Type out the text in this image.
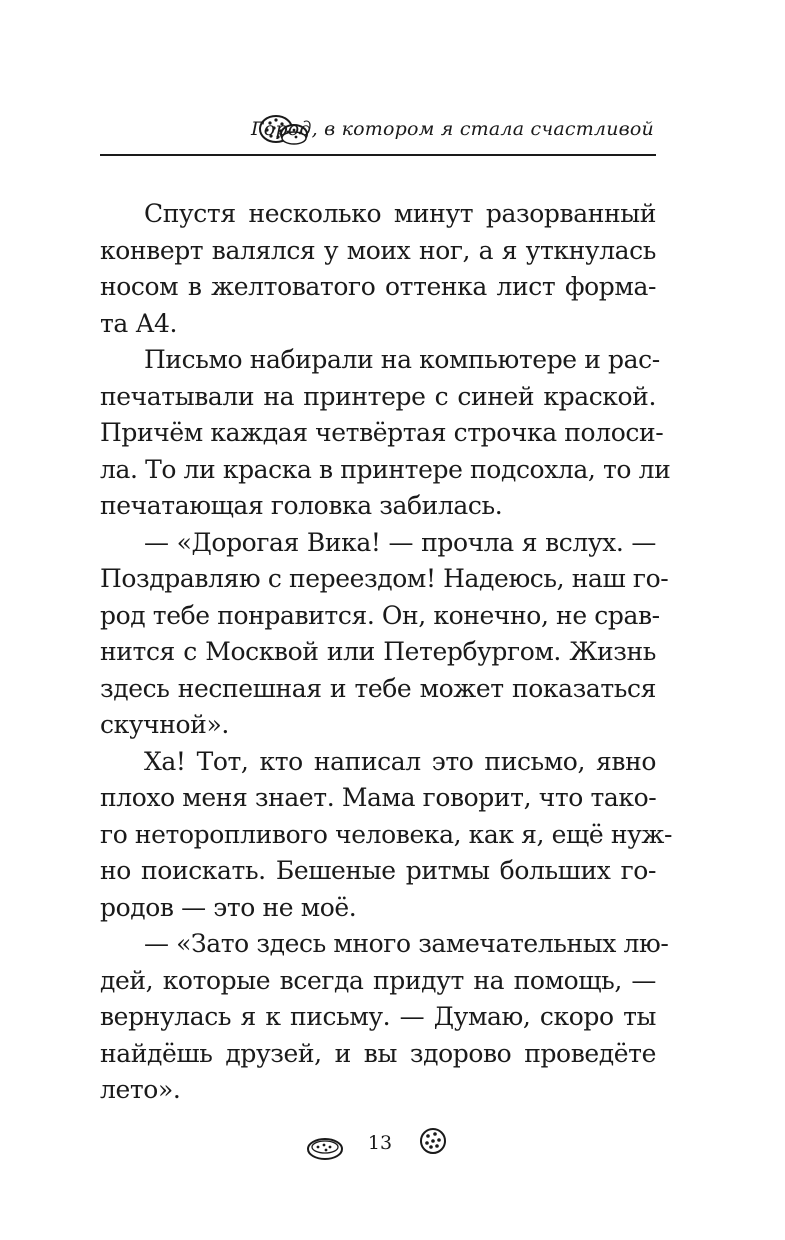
Город, в котором я стала счастливой

Спустя несколько минут разорванный
конверт валялся у моих ног, а я уткнулась
носом в желтоватого оттенка лист форма-
та А4.

Письмо набирали на компьютере и рас-
печатывали на принтере с синей краской.
Причём каждая четвёртая строчка полоси-
ла. То ли краска в принтере подсохла, то ли
печатающая головка забилась.

— «Дорогая Вика! — прочла я вслух. —
Поздравляю с переездом! Надеюсь, наш го-
род тебе понравится. Он, конечно, не срав-
нится с Москвой или Петербургом. Жизнь
здесь неспешная и тебе может показаться
скучной».

Ха! Тот, кто написал это письмо, явно
плохо меня знает. Мама говорит, что тако-
го неторопливого человека, как я, ещё нуж-
но поискать. Бешеные ритмы больших го-
родов — это не моё.

— «Зато здесь много замечательных лю-
дей, которые всегда придут на помощь, —
вернулась я к письму. — Думаю, скоро ты
найдёшь друзей, и вы здорово проведёте
лето».

13
